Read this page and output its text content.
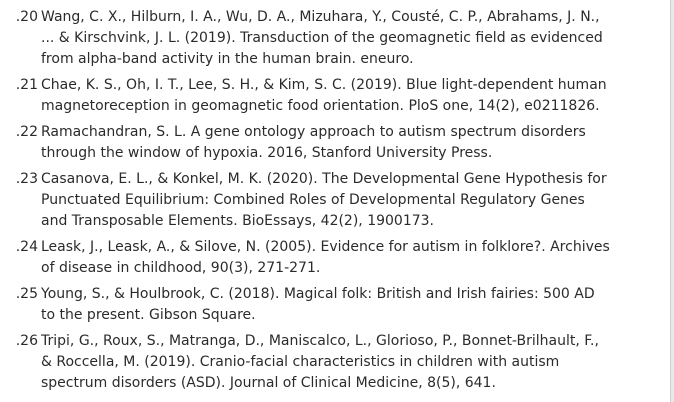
1. 20. Wang, C. X., Hilburn, I. A., Wu, D. A., Mizuhara, Y., Cousté, C. P., Abrahams, J. N., ... & Kirschvink, J. L. (2019). Transduction of the geomagnetic field as evidenced from alpha-band activity in the human brain. eneuro.
2. 21. Chae, K. S., Oh, I. T., Lee, S. H., & Kim, S. C. (2019). Blue light-dependent human magnetoreception in geomagnetic food orientation. PloS one, 14(2), e0211826.
3. 22. Ramachandran, S. L. A gene ontology approach to autism spectrum disorders through the window of hypoxia. 2016, Stanford University Press.
4. 23. Casanova, E. L., & Konkel, M. K. (2020). The Developmental Gene Hypothesis for Punctuated Equilibrium: Combined Roles of Developmental Regulatory Genes and Transposable Elements. BioEssays, 42(2), 1900173.
5. 24. Leask, J., Leask, A., & Silove, N. (2005). Evidence for autism in folklore?. Archives of disease in childhood, 90(3), 271-271.
6. 25. Young, S., & Houlbrook, C. (2018). Magical folk: British and Irish fairies: 500 AD to the present. Gibson Square.
7. 26. Tripi, G., Roux, S., Matranga, D., Maniscalco, L., Glorioso, P., Bonnet-Brilhault, F., & Roccella, M. (2019). Cranio-facial characteristics in children with autism spectrum disorders (ASD). Journal of Clinical Medicine, 8(5), 641.
